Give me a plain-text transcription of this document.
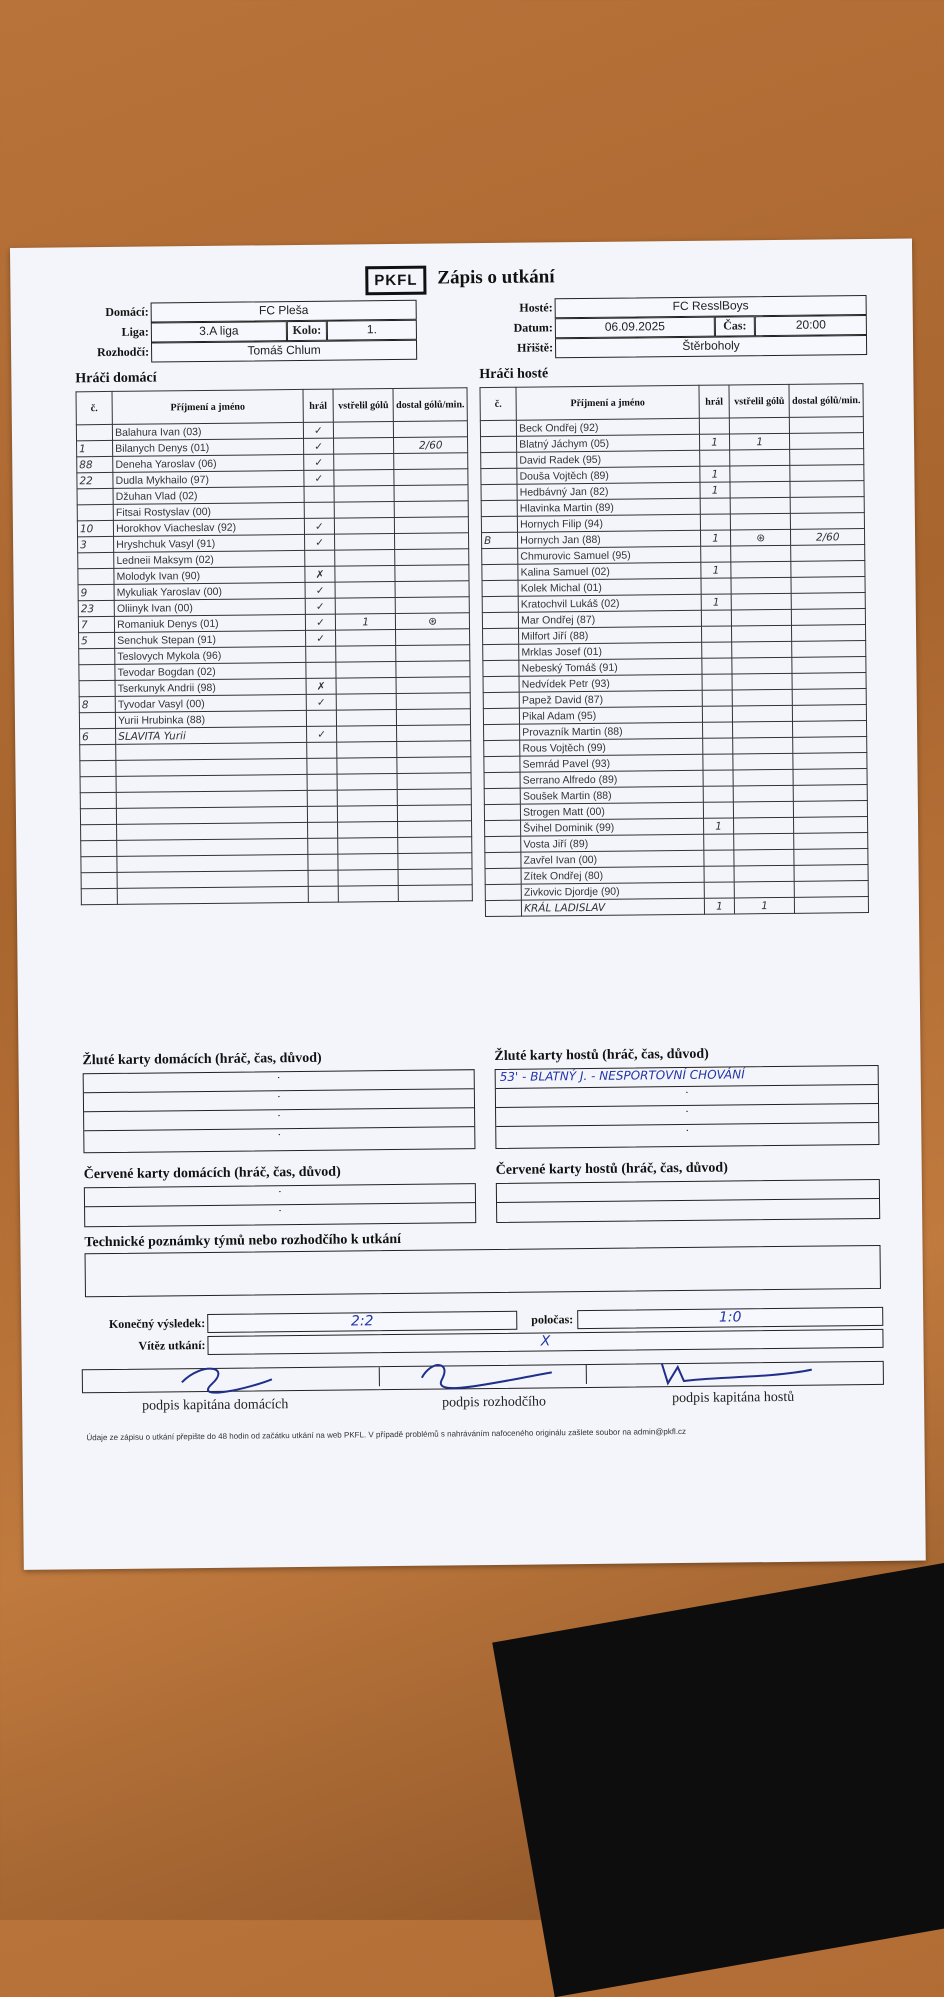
PKFL	Zápis o utkání
Domácí:	FC Pleša
Liga:	3.A liga	Kolo:	1.
Rozhodčí:	Tomáš Chlum
Hosté:	FC ResslBoys
Datum:	06.09.2025	Čas:	20:00
Hřiště:	Štěrboholy
Hráči domácí	Hráči hosté
č.	Příjmení a jméno	hrál	vstřelil gólů	dostal gólů/min.
	Balahura Ivan (03)	✓		
1	Bilanych Denys (01)	✓		2/60
88	Deneha Yaroslav (06)	✓		
22	Dudla Mykhailo (97)	✓		
	Džuhan Vlad (02)			
	Fitsai Rostyslav (00)			
10	Horokhov Viacheslav (92)	✓		
3	Hryshchuk Vasyl (91)	✓		
	Ledneii Maksym (02)			
	Molodyk Ivan (90)	✗		
9	Mykuliak Yaroslav (00)	✓		
23	Oliinyk Ivan (00)	✓		
7	Romaniuk Denys (01)	✓	1	⊛
5	Senchuk Stepan (91)	✓		
	Teslovych Mykola (96)			
	Tevodar Bogdan (02)			
	Tserkunyk Andrii (98)	✗		
8	Tyvodar Vasyl (00)	✓		
	Yurii Hrubinka (88)			
6	SLAVITA Yurii	✓		

č.	Příjmení a jméno	hrál	vstřelil gólů	dostal gólů/min.
	Beck Ondřej (92)			
	Blatný Jáchym (05)	1	1	
	David Radek (95)			
	Douša Vojtěch (89)	1		
	Hedbávný Jan (82)	1		
	Hlavinka Martin (89)			
	Hornych Filip (94)			
B	Hornych Jan (88)	1	⊛	2/60
	Chmurovic Samuel (95)			
	Kalina Samuel (02)	1		
	Kolek Michal (01)			
	Kratochvil Lukáš (02)	1		
	Mar Ondřej (87)			
	Milfort Jiří (88)			
	Mrklas Josef (01)			
	Nebeský Tomáš (91)			
	Nedvídek Petr (93)			
	Papež David (87)			
	Pikal Adam (95)			
	Provazník Martin (88)			
	Rous Vojtěch (99)			
	Semrád Pavel (93)			
	Serrano Alfredo (89)			
	Soušek Martin (88)			
	Strogen Matt (00)			
	Švihel Dominik (99)	1		
	Vosta Jiří (89)			
	Zavřel Ivan (00)			
	Zítek Ondřej (80)			
	Zivkovic Djordje (90)			
	KRÁL LADISLAV	1	1	
Žluté karty domácích (hráč, čas, důvod)
·
·
·
·
Žluté karty hostů (hráč, čas, důvod)
53' - BLATNÝ J. - NESPORTOVNÍ CHOVÁNÍ
·
·
·
Červené karty domácích (hráč, čas, důvod)
·
·
Červené karty hostů (hráč, čas, důvod)
Technické poznámky týmů nebo rozhodčího k utkání
Konečný výsledek:	2:2	poločas:	1:0
Vítěz utkání:	X
podpis kapitána domácích	podpis rozhodčího	podpis kapitána hostů
Údaje ze zápisu o utkání přepište do 48 hodin od začátku utkání na web PKFL. V případě problémů s nahráváním nafoceného originálu zašlete soubor na admin@pkfl.cz
